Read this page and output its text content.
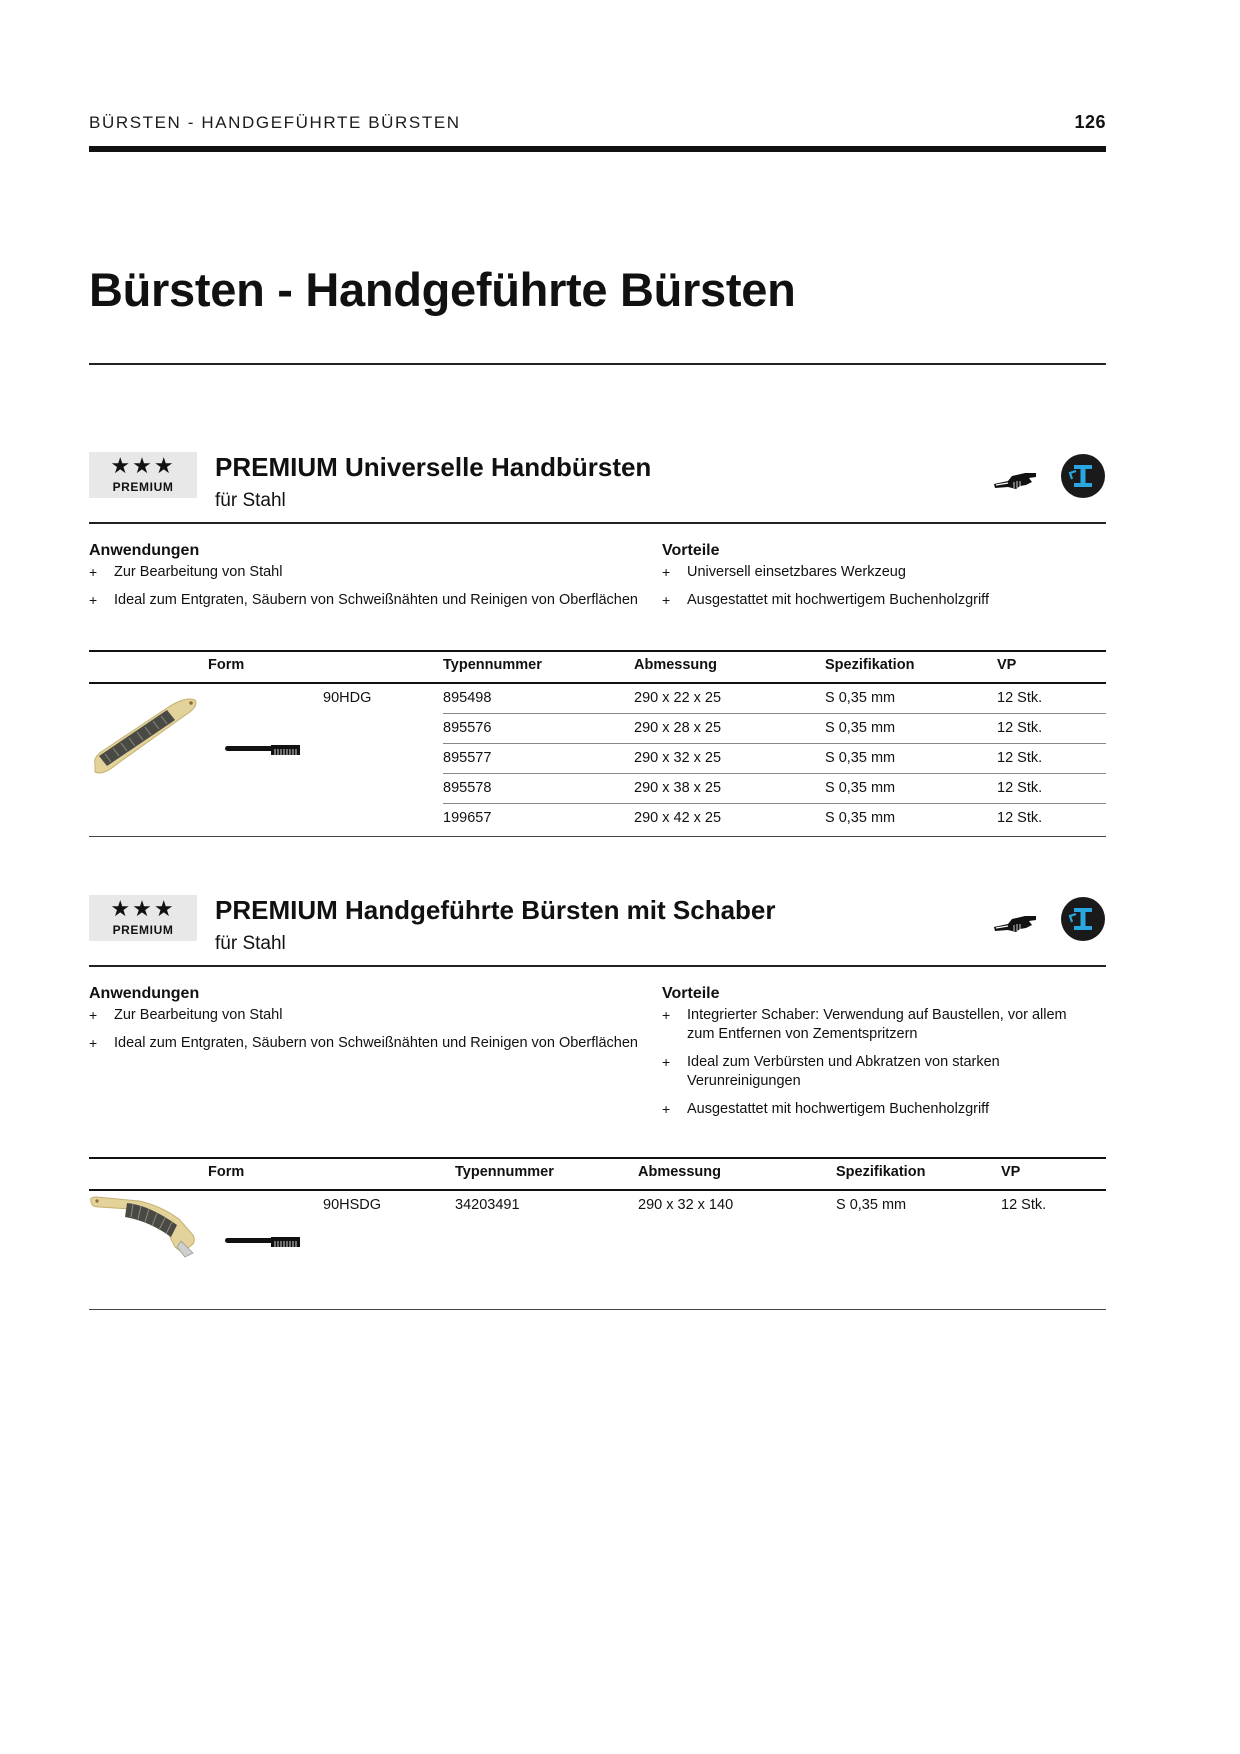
BÜRSTEN - HANDGEFÜHRTE BÜRSTEN	126
Bürsten - Handgeführte Bürsten
★★★
PREMIUM
PREMIUM Universelle Handbürsten
für Stahl
Anwendungen
+ Zur Bearbeitung von Stahl
+ Ideal zum Entgraten, Säubern von Schweißnähten und Reinigen von Oberflächen
Vorteile
+ Universell einsetzbares Werkzeug
+ Ausgestattet mit hochwertigem Buchenholzgriff
Form	Typennummer	Abmessung	Spezifikation	VP
90HDG	895498	290 x 22 x 25	S 0,35 mm	12 Stk.
895576	290 x 28 x 25	S 0,35 mm	12 Stk.
895577	290 x 32 x 25	S 0,35 mm	12 Stk.
895578	290 x 38 x 25	S 0,35 mm	12 Stk.
199657	290 x 42 x 25	S 0,35 mm	12 Stk.
★★★
PREMIUM
PREMIUM Handgeführte Bürsten mit Schaber
für Stahl
Anwendungen
+ Zur Bearbeitung von Stahl
+ Ideal zum Entgraten, Säubern von Schweißnähten und Reinigen von Oberflächen
Vorteile
+ Integrierter Schaber: Verwendung auf Baustellen, vor allem zum Entfernen von Zementspritzern
+ Ideal zum Verbürsten und Abkratzen von starken Verunreinigungen
+ Ausgestattet mit hochwertigem Buchenholzgriff
Form	Typennummer	Abmessung	Spezifikation	VP
90HSDG	34203491	290 x 32 x 140	S 0,35 mm	12 Stk.
